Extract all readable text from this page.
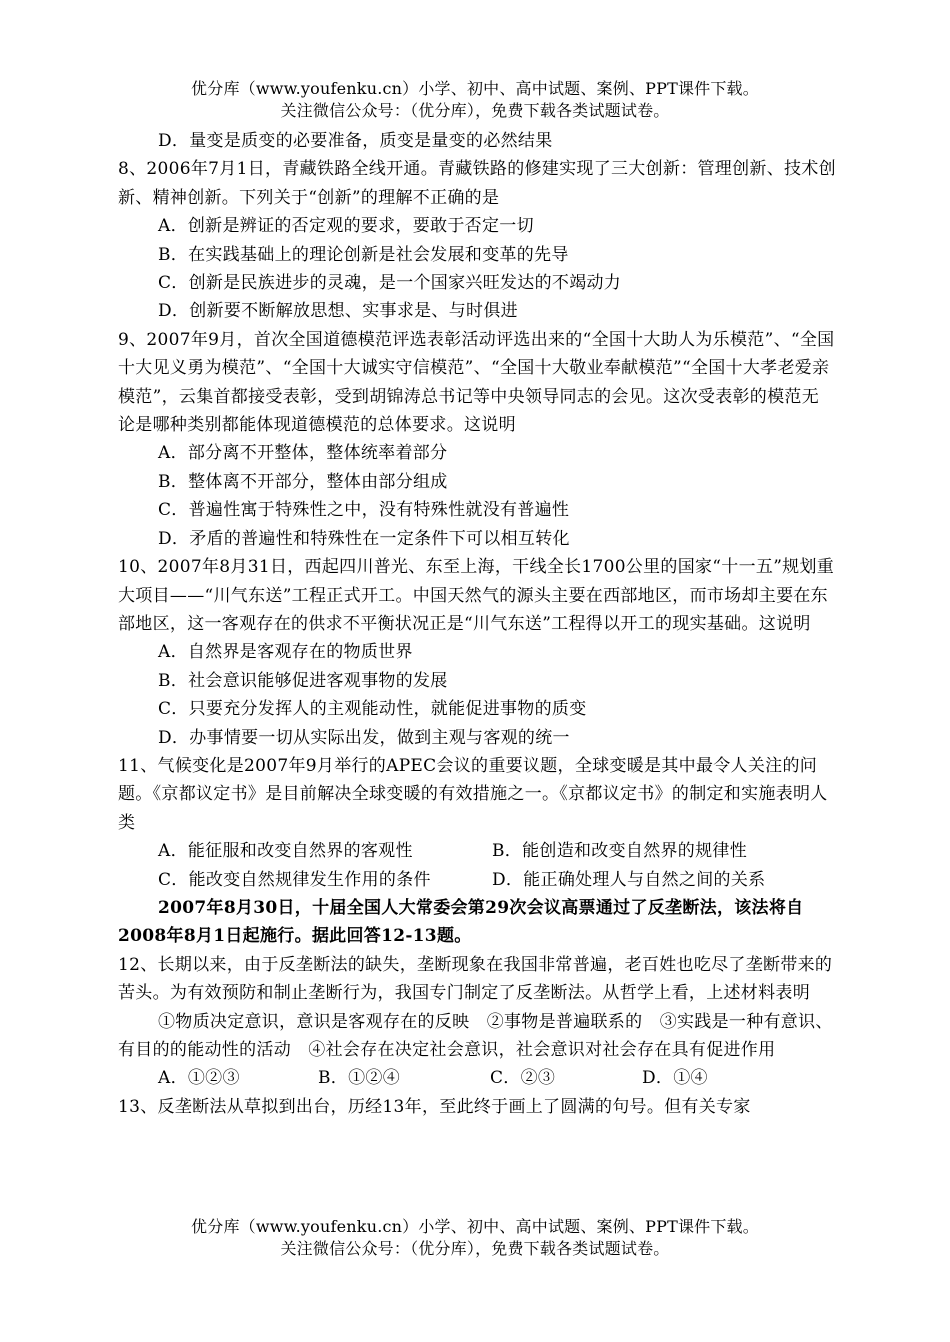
优分库（www.youfenku.cn）小学、初中、高中试题、案例、PPT课件下载。
关注微信公众号：（优分库），免费下载各类试题试卷。

D．量变是质变的必要准备，质变是量变的必然结果

8、2006年7月1日，青藏铁路全线开通。青藏铁路的修建实现了三大创新：管理创新、技术创新、精神创新。下列关于“创新”的理解不正确的是

A．创新是辨证的否定观的要求，要敢于否定一切

B．在实践基础上的理论创新是社会发展和变革的先导

C．创新是民族进步的灵魂，是一个国家兴旺发达的不竭动力

D．创新要不断解放思想、实事求是、与时俱进

9、2007年9月，首次全国道德模范评选表彰活动评选出来的“全国十大助人为乐模范”、“全国十大见义勇为模范”、“全国十大诚实守信模范”、“全国十大敬业奉献模范”“全国十大孝老爱亲模范”，云集首都接受表彰，受到胡锦涛总书记等中央领导同志的会见。这次受表彰的模范无论是哪种类别都能体现道德模范的总体要求。这说明

A．部分离不开整体，整体统率着部分

B．整体离不开部分，整体由部分组成

C．普遍性寓于特殊性之中，没有特殊性就没有普遍性

D．矛盾的普遍性和特殊性在一定条件下可以相互转化

10、2007年8月31日，西起四川普光、东至上海，干线全长1700公里的国家“十一五”规划重大项目——“川气东送”工程正式开工。中国天然气的源头主要在西部地区，而市场却主要在东部地区，这一客观存在的供求不平衡状况正是“川气东送”工程得以开工的现实基础。这说明

A．自然界是客观存在的物质世界

B．社会意识能够促进客观事物的发展

C．只要充分发挥人的主观能动性，就能促进事物的质变

D．办事情要一切从实际出发，做到主观与客观的统一

11、气候变化是2007年9月举行的APEC会议的重要议题，全球变暖是其中最令人关注的问题。《京都议定书》是目前解决全球变暖的有效措施之一。《京都议定书》的制定和实施表明人类

A．能征服和改变自然界的客观性	B．能创造和改变自然界的规律性
C．能改变自然规律发生作用的条件	D．能正确处理人与自然之间的关系

2007年8月30日，十届全国人大常委会第29次会议高票通过了反垄断法，该法将自2008年8月1日起施行。据此回答12-13题。

12、长期以来，由于反垄断法的缺失，垄断现象在我国非常普遍，老百姓也吃尽了垄断带来的苦头。为有效预防和制止垄断行为，我国专门制定了反垄断法。从哲学上看，上述材料表明

①物质决定意识，意识是客观存在的反映　②事物是普遍联系的　③实践是一种有意识、有目的的能动性的活动　④社会存在决定社会意识，社会意识对社会存在具有促进作用

A．①②③	B．①②④	C．②③	D．①④

13、反垄断法从草拟到出台，历经13年，至此终于画上了圆满的句号。但有关专家

优分库（www.youfenku.cn）小学、初中、高中试题、案例、PPT课件下载。
关注微信公众号：（优分库），免费下载各类试题试卷。
